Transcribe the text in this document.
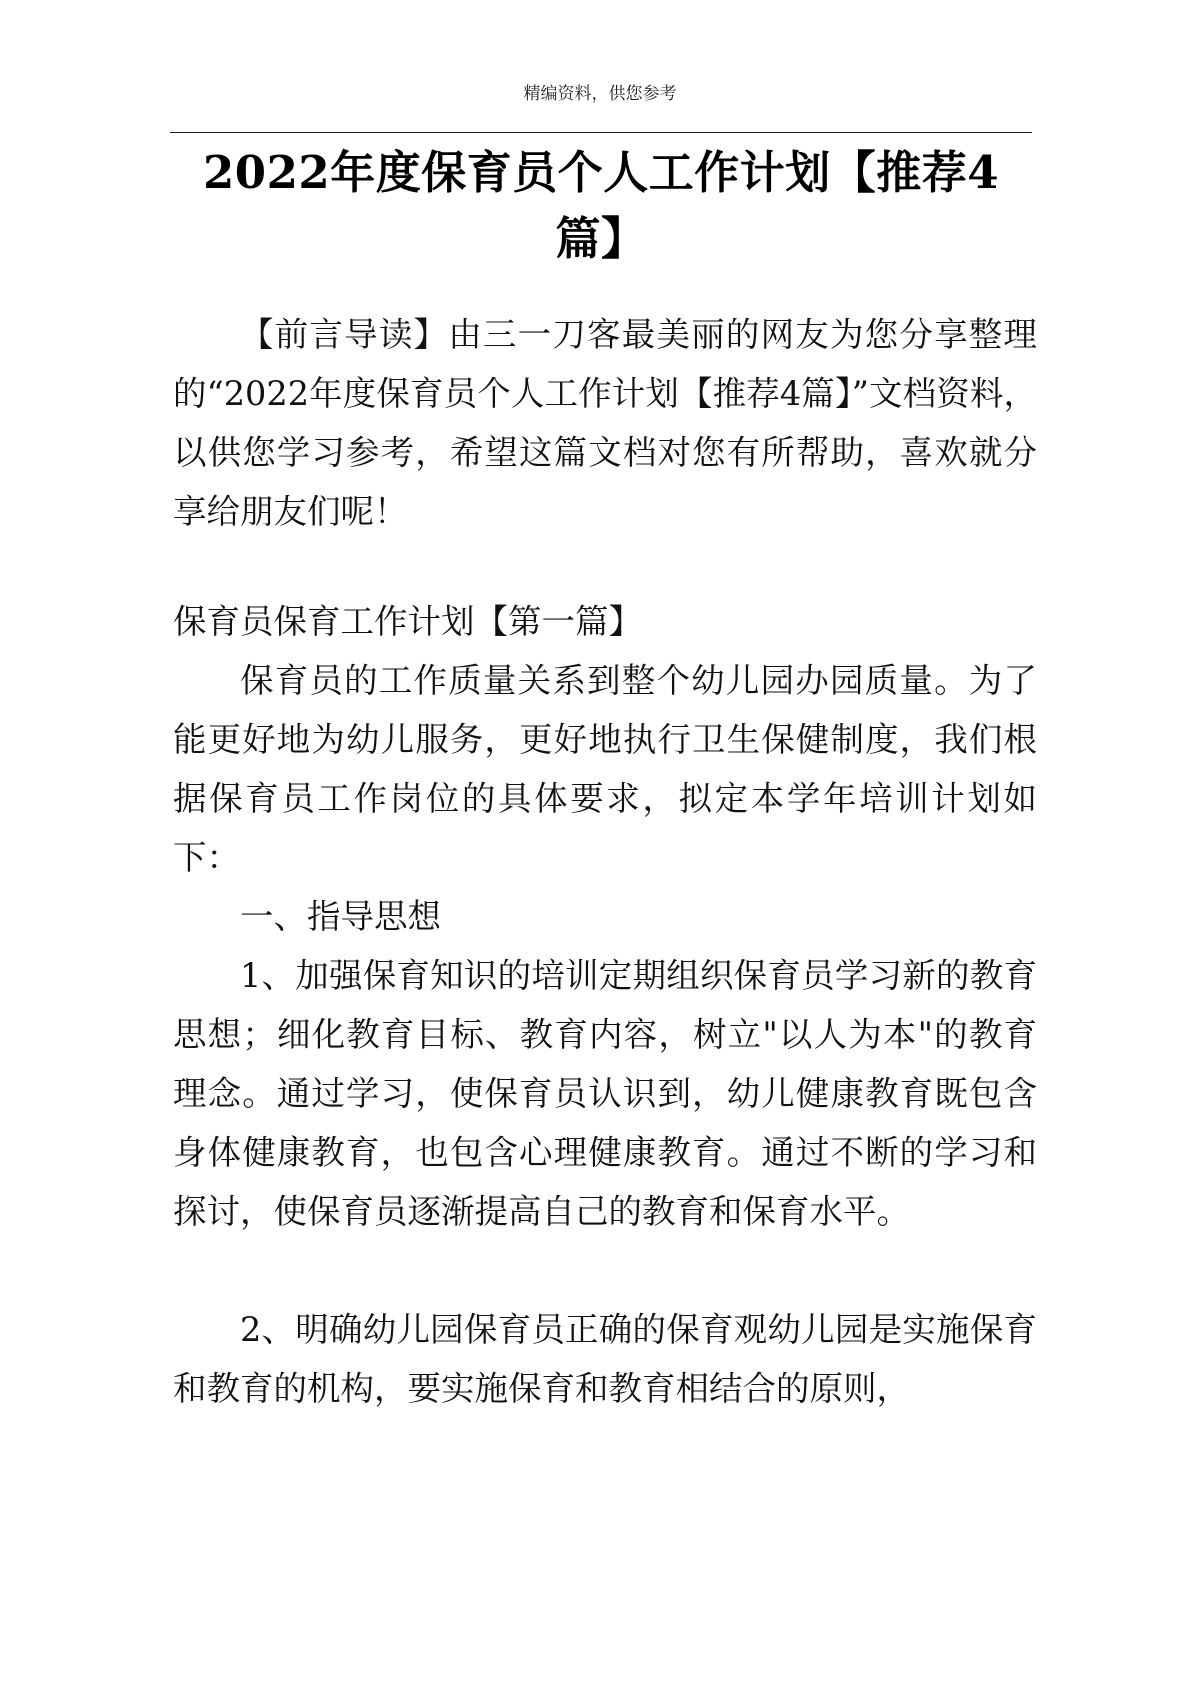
精编资料，供您参考
2022年度保育员个人工作计划【推荐4篇】

【前言导读】由三一刀客最美丽的网友为您分享整理的“2022年度保育员个人工作计划【推荐4篇】”文档资料，以供您学习参考，希望这篇文档对您有所帮助，喜欢就分享给朋友们呢！

保育员保育工作计划【第一篇】

保育员的工作质量关系到整个幼儿园办园质量。为了能更好地为幼儿服务，更好地执行卫生保健制度，我们根据保育员工作岗位的具体要求，拟定本学年培训计划如下：

一、指导思想

1、加强保育知识的培训定期组织保育员学习新的教育思想；细化教育目标、教育内容，树立"以人为本"的教育理念。通过学习，使保育员认识到，幼儿健康教育既包含身体健康教育，也包含心理健康教育。通过不断的学习和探讨，使保育员逐渐提高自己的教育和保育水平。

2、明确幼儿园保育员正确的保育观幼儿园是实施保育和教育的机构，要实施保育和教育相结合的原则，
